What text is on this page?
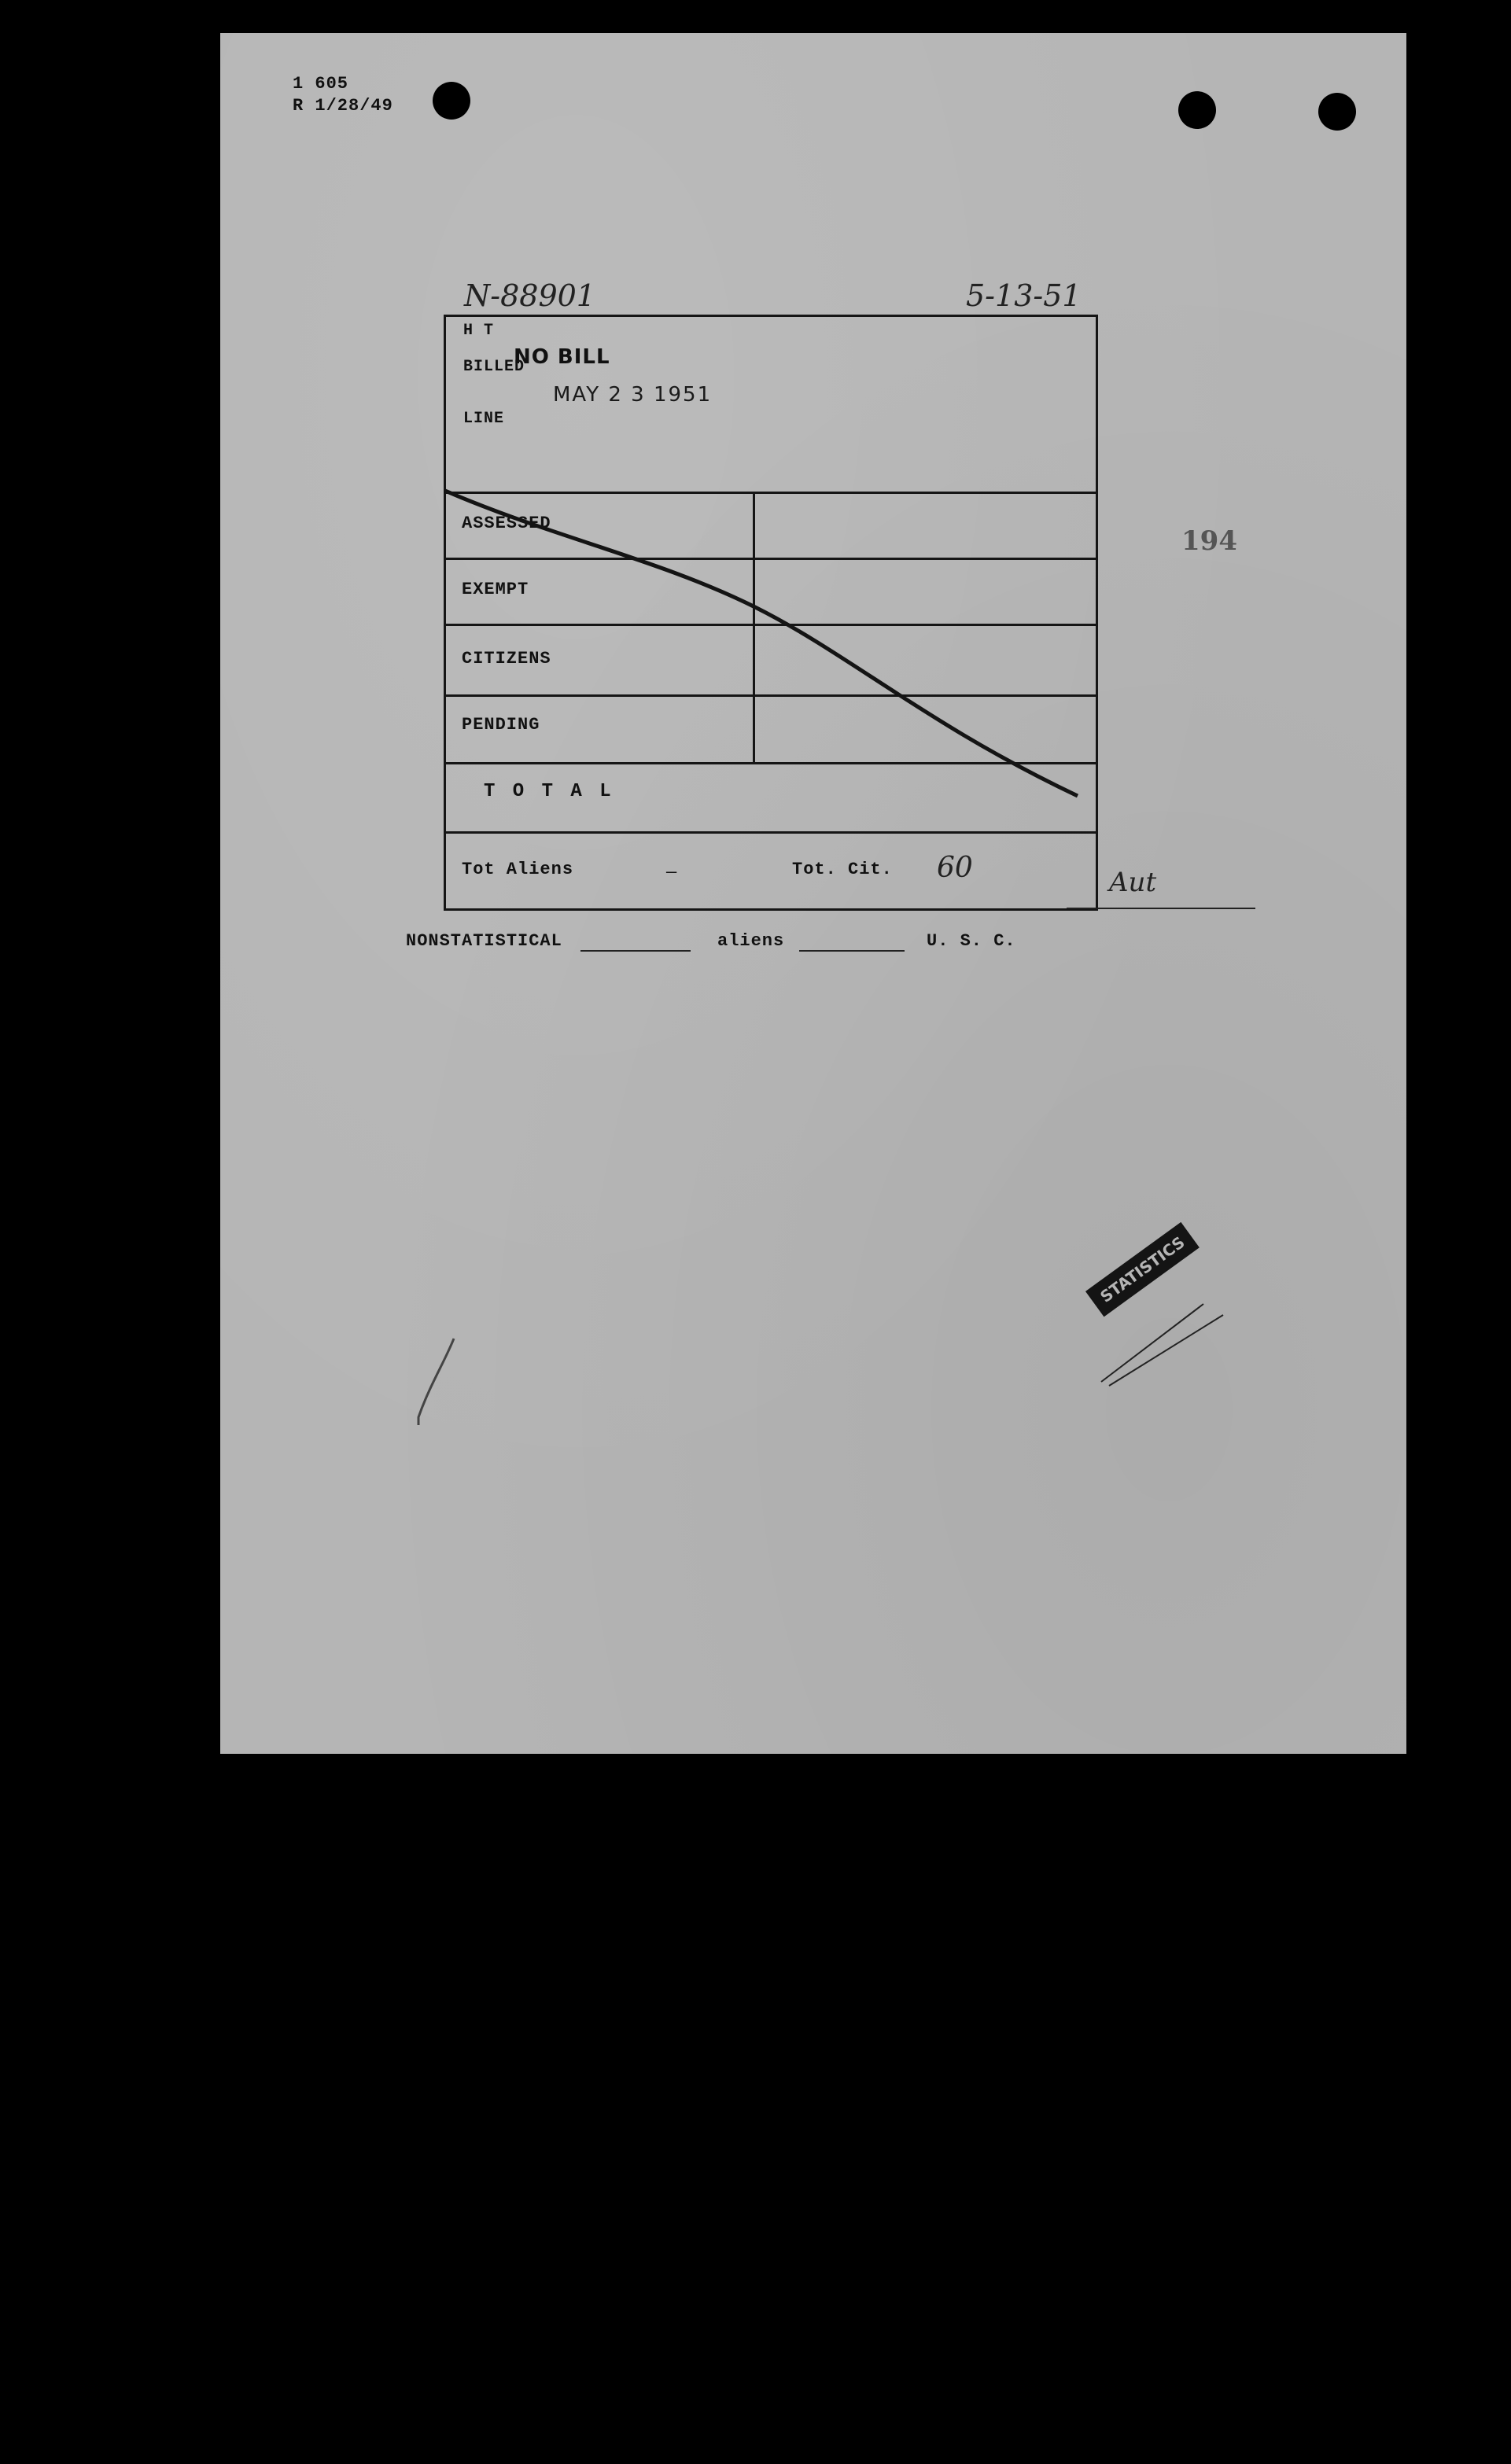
1 605
R 1/28/49
N-88901	5-13-51
194
H T
BILLED
NO BILL
MAY 2 3 1951
LINE
ASSESSED
EXEMPT
CITIZENS
PENDING
T O T A L
Tot Aliens	—	Tot. Cit. 60	Aut
NONSTATISTICAL	aliens	U. S. C.
STATISTICS
